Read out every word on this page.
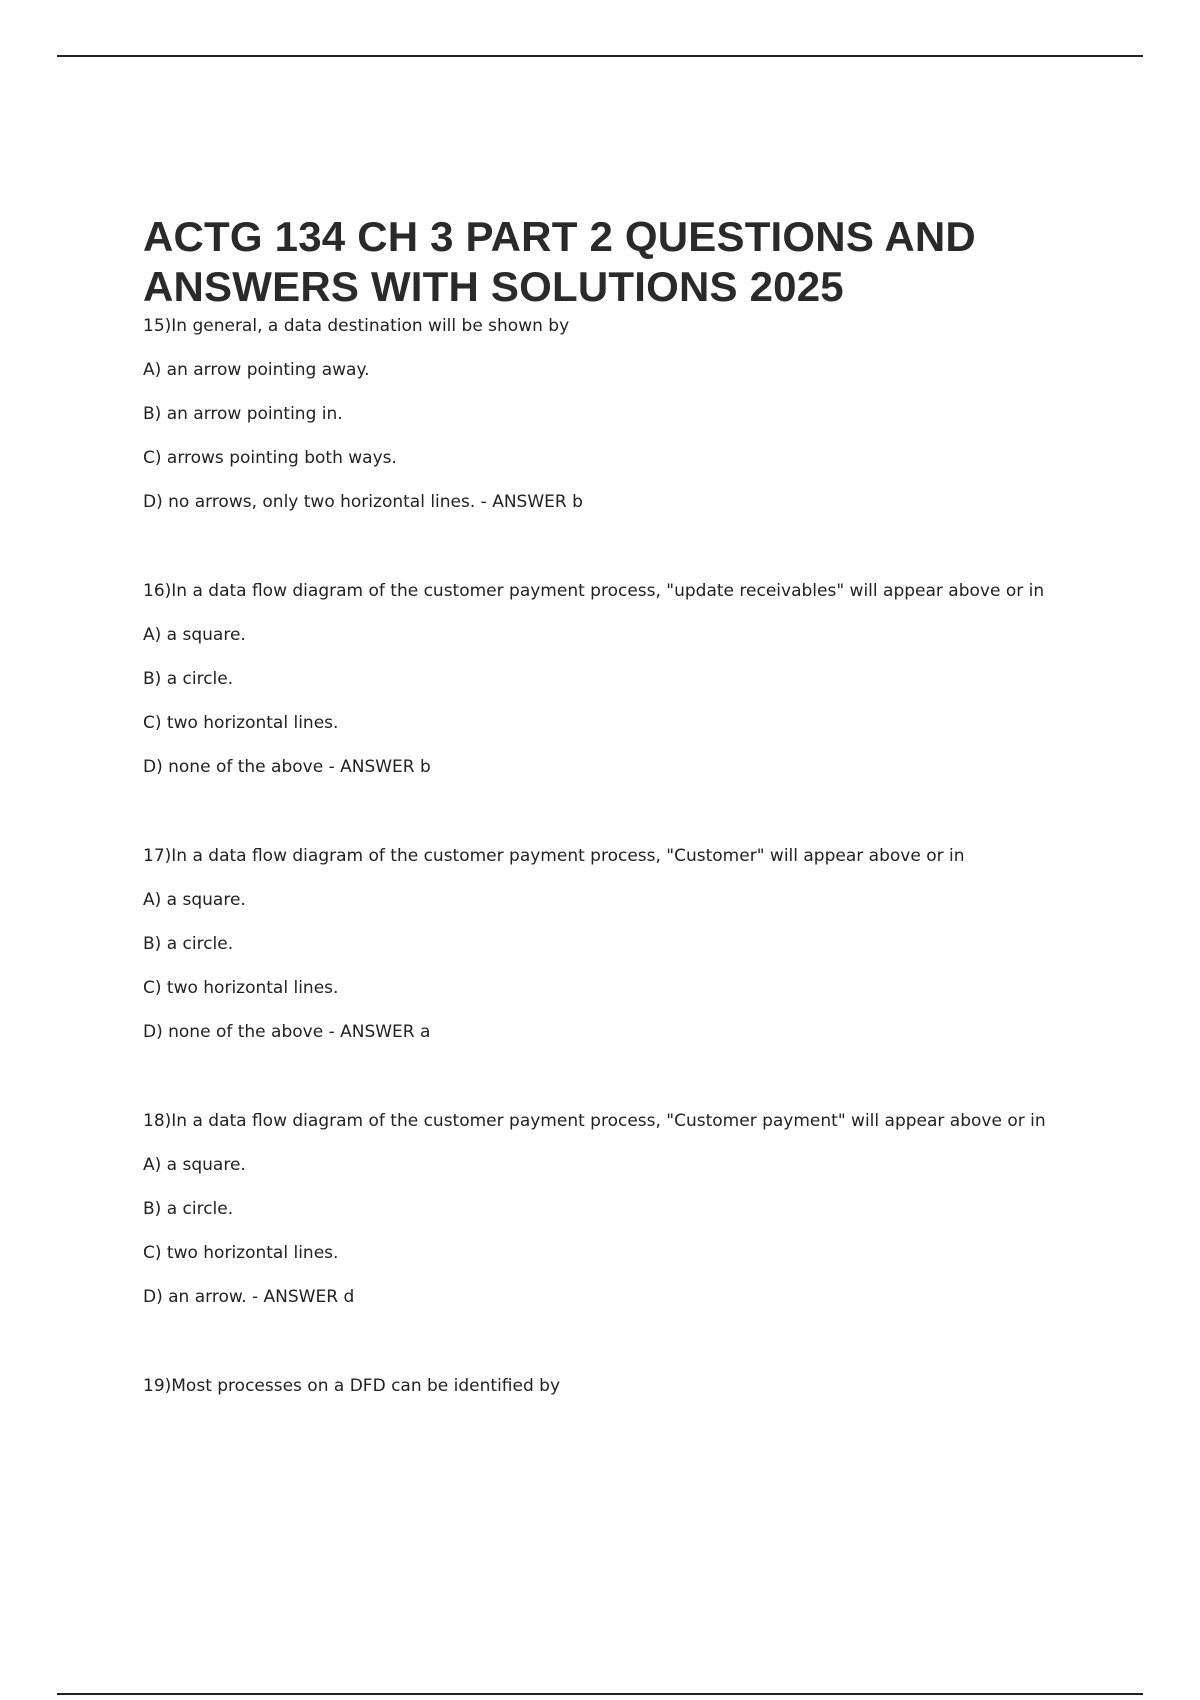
ACTG 134 CH 3 PART 2 QUESTIONS AND ANSWERS WITH SOLUTIONS 2025

15)In general, a data destination will be shown by

A) an arrow pointing away.

B) an arrow pointing in.

C) arrows pointing both ways.

D) no arrows, only two horizontal lines. - ANSWER b

16)In a data flow diagram of the customer payment process, "update receivables" will appear above or in

A) a square.

B) a circle.

C) two horizontal lines.

D) none of the above - ANSWER b

17)In a data flow diagram of the customer payment process, "Customer" will appear above or in

A) a square.

B) a circle.

C) two horizontal lines.

D) none of the above - ANSWER a

18)In a data flow diagram of the customer payment process, "Customer payment" will appear above or in

A) a square.

B) a circle.

C) two horizontal lines.

D) an arrow. - ANSWER d

19)Most processes on a DFD can be identified by
